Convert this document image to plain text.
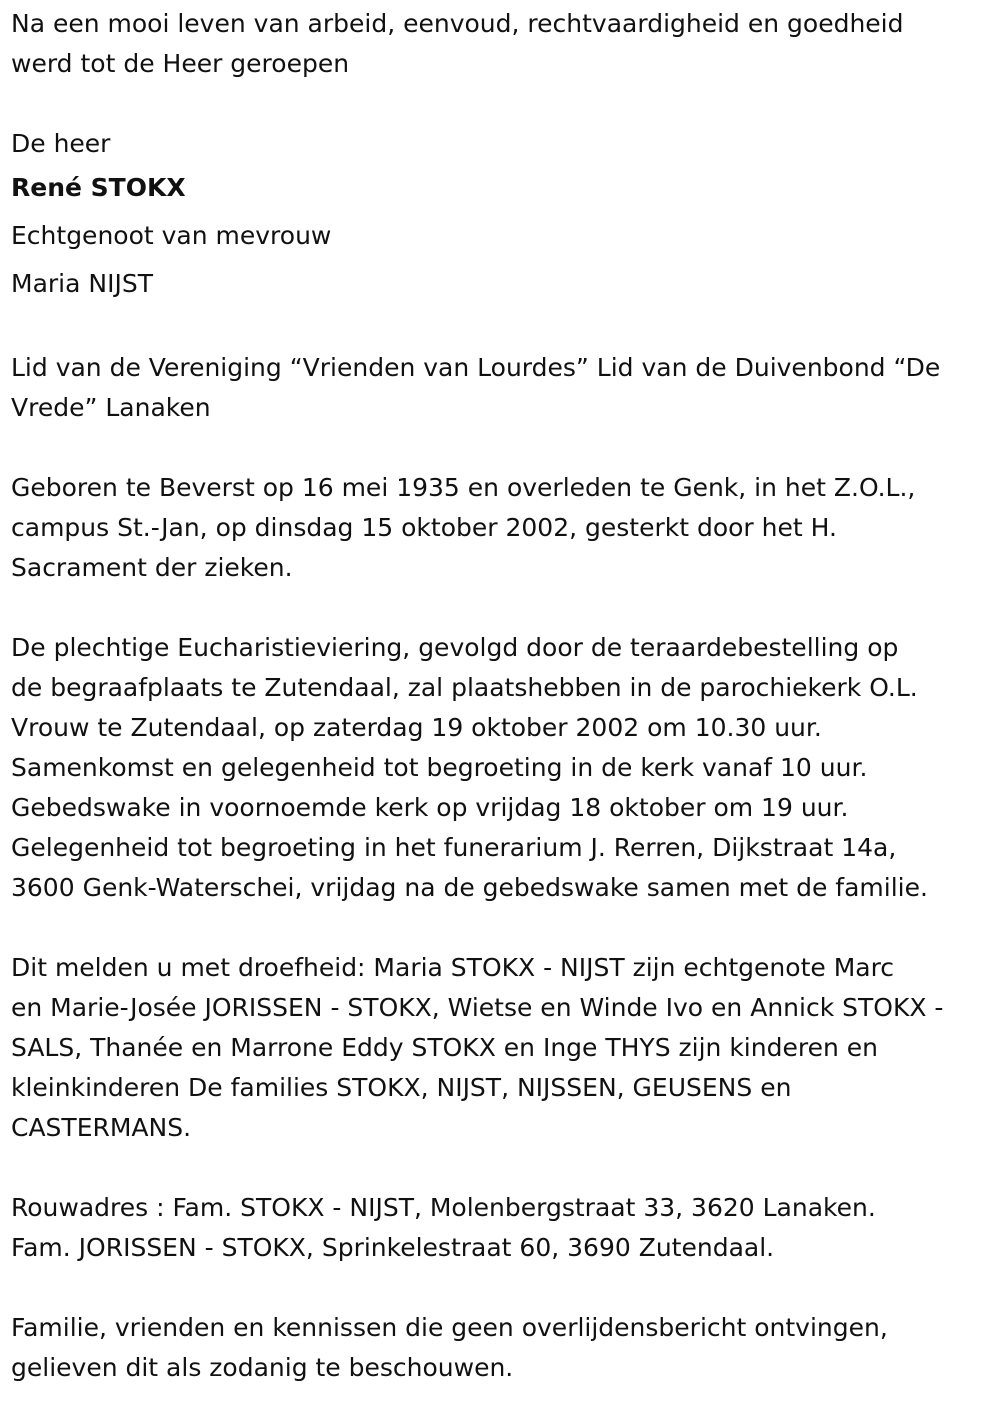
Na een mooi leven van arbeid, eenvoud, rechtvaardigheid en goedheid
werd tot de Heer geroepen

De heer
René STOKX
Echtgenoot van mevrouw
Maria NIJST

Lid van de Vereniging “Vrienden van Lourdes” Lid van de Duivenbond “De
Vrede” Lanaken

Geboren te Beverst op 16 mei 1935 en overleden te Genk, in het Z.O.L.,
campus St.-Jan, op dinsdag 15 oktober 2002, gesterkt door het H.
Sacrament der zieken.

De plechtige Eucharistieviering, gevolgd door de teraardebestelling op
de begraafplaats te Zutendaal, zal plaatshebben in de parochiekerk O.L.
Vrouw te Zutendaal, op zaterdag 19 oktober 2002 om 10.30 uur.
Samenkomst en gelegenheid tot begroeting in de kerk vanaf 10 uur.
Gebedswake in voornoemde kerk op vrijdag 18 oktober om 19 uur.
Gelegenheid tot begroeting in het funerarium J. Rerren, Dijkstraat 14a,
3600 Genk-Waterschei, vrijdag na de gebedswake samen met de familie.

Dit melden u met droefheid: Maria STOKX - NIJST zijn echtgenote Marc
en Marie-Josée JORISSEN - STOKX, Wietse en Winde Ivo en Annick STOKX -
SALS, Thanée en Marrone Eddy STOKX en Inge THYS zijn kinderen en
kleinkinderen De families STOKX, NIJST, NIJSSEN, GEUSENS en
CASTERMANS.

Rouwadres : Fam. STOKX - NIJST, Molenbergstraat 33, 3620 Lanaken.
Fam. JORISSEN - STOKX, Sprinkelestraat 60, 3690 Zutendaal.

Familie, vrienden en kennissen die geen overlijdensbericht ontvingen,
gelieven dit als zodanig te beschouwen.
